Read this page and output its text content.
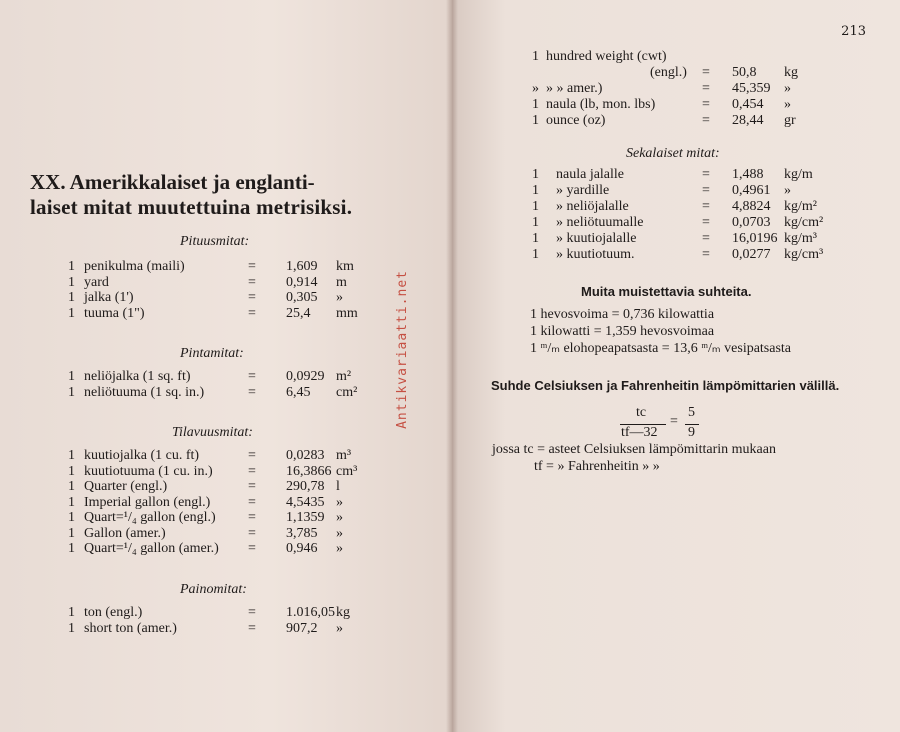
213
XX. Amerikkalaiset ja englanti-
laiset mitat muutettuina metrisiksi.
Antikvariaatti.net
Pituusmitat:
1 penikulma (maili)	= 1,609 km
1 yard	= 0,914 m
1 jalka (1')	= 0,305 »
1 tuuma (1")	= 25,4 mm
Pintamitat:
1 neliöjalka (1 sq. ft)	= 0,0929 m²
1 neliötuuma (1 sq. in.)	= 6,45 cm²
Tilavuusmitat:
1 kuutiojalka (1 cu. ft)	= 0,0283 m³
1 kuutiotuuma (1 cu. in.)	= 16,3866 cm³
1 Quarter (engl.)	= 290,78 l
1 Imperial gallon (engl.)	= 4,5435 »
1 Quart=¹/₄ gallon (engl.) = 1,1359 »
1 Gallon (amer.)	= 3,785 »
1 Quart=¹/₄ gallon (amer.) = 0,946 »
Painomitat:
1 ton (engl.)	= 1.016,05 kg
1 short ton (amer.)	= 907,2 »
1 hundred weight (cwt)
(engl.) = 50,8 kg
» » » amer.)	= 45,359 »
1 naula (lb, mon. lbs)	= 0,454 »
1 ounce (oz)	= 28,44 gr
1 naula jalalle	= 1,488 kg/m
1 » yardille	= 0,4961 »
1 » neliöjalalle	= 4,8824 kg/m²
1 » neliötuumalle	= 0,0703 kg/cm²
1 » kuutiojalalle	= 16,0196 kg/m³
1 » kuutiotuum.	= 0,0277 kg/cm³
Sekalaiset mitat:
Muita muistettavia suhteita.
Suhde Celsiuksen ja Fahrenheitin lämpömittarien välillä.
1 hevosvoima = 0,736 kilowattia
1 kilowatti = 1,359 hevosvoimaa
1 ᵐ/ₘ elohopeapatsasta = 13,6 ᵐ/ₘ vesipatsasta
tc
tf—32
=
5
9
jossa tc = asteet Celsiuksen lämpömittarin mukaan
tf = » Fahrenheitin » »
